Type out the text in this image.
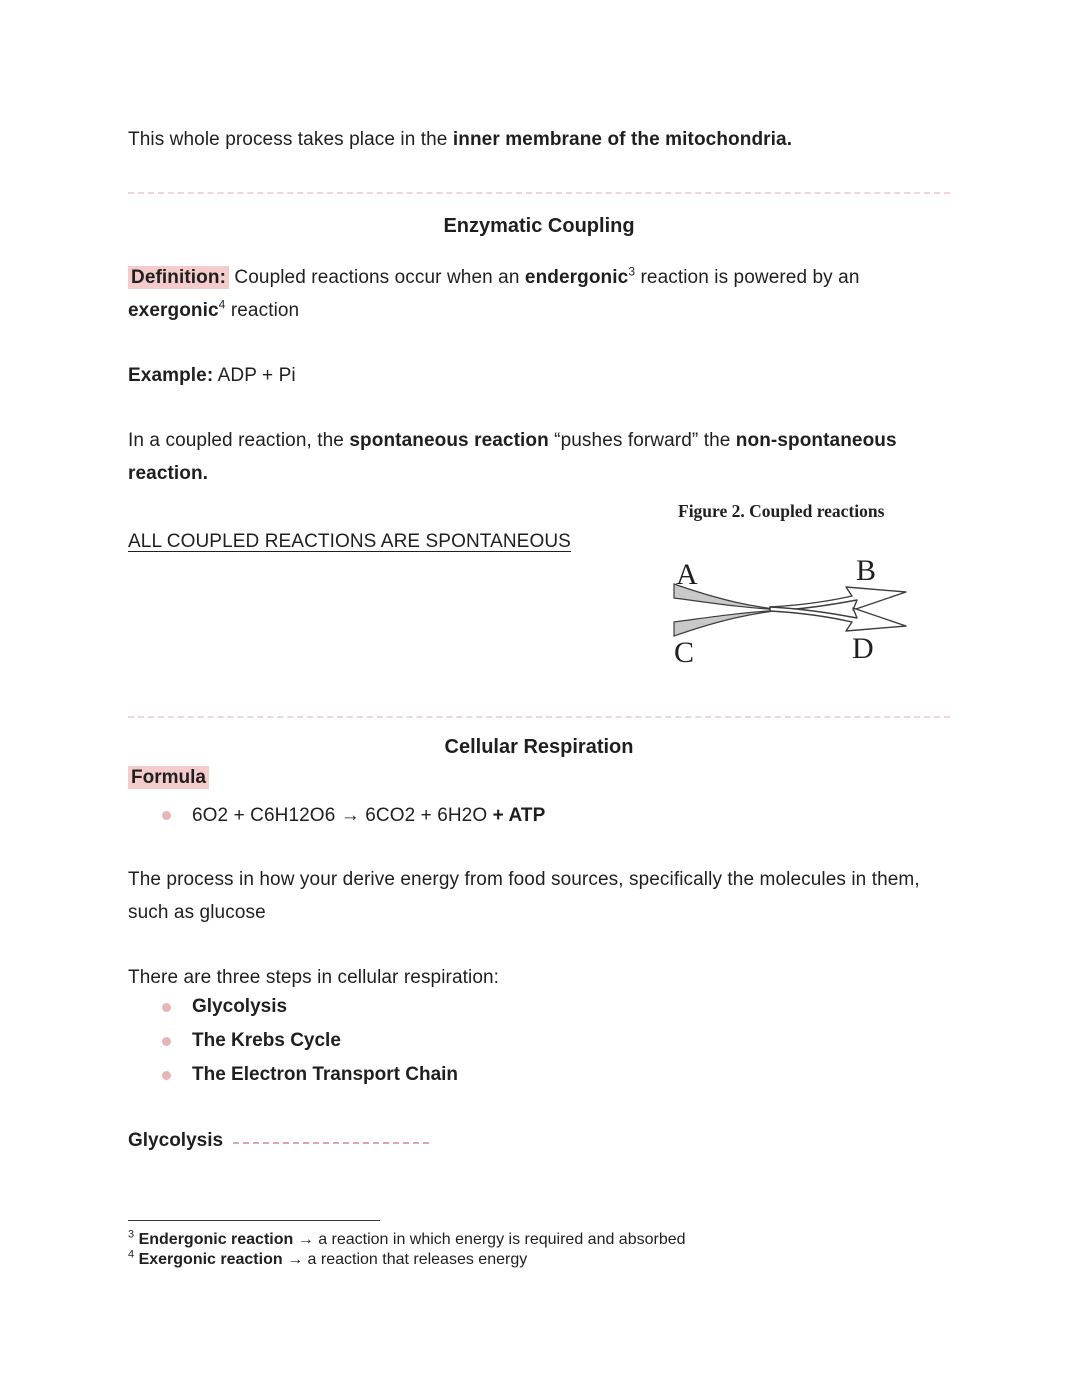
This whole process takes place in the inner membrane of the mitochondria.

Enzymatic Coupling

Definition: Coupled reactions occur when an endergonic$^3$ reaction is powered by an exergonic$^4$ reaction

Example: ADP + Pi

In a coupled reaction, the spontaneous reaction “pushes forward” the non-spontaneous reaction.

Figure 2. Coupled reactions

ALL COUPLED REACTIONS ARE SPONTANEOUS

A	B
C	D
Cellular Respiration
Formula
6O2 + C6H12O6 → 6CO2 + 6H2O + ATP

The process in how your derive energy from food sources, specifically the molecules in them, such as glucose

There are three steps in cellular respiration:

Glycolysis
The Krebs Cycle
The Electron Transport Chain
Glycolysis
$^3$ Endergonic reaction → a reaction in which energy is required and absorbed
$^4$ Exergonic reaction → a reaction that releases energy
